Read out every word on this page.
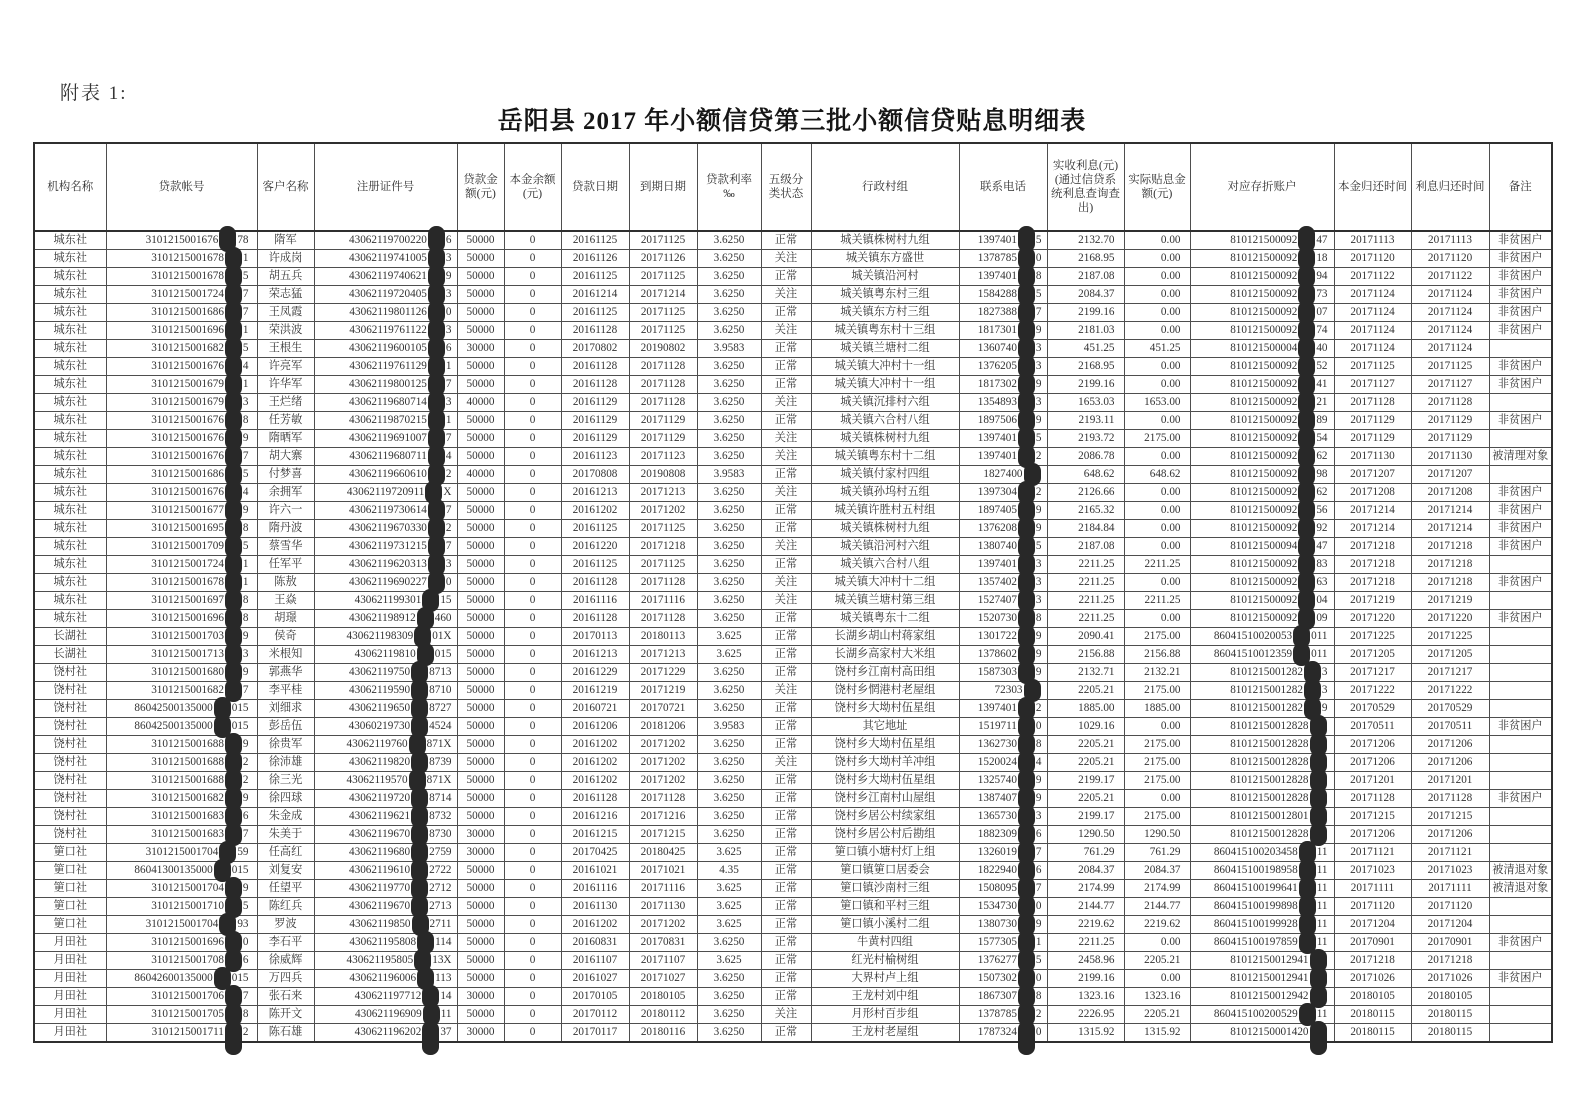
附表 1:
岳阳县 2017 年小额信贷第三批小额信贷贴息明细表
机构名称	贷款帐号	客户名称	注册证件号	贷款金额(元)	本金余额(元)	贷款日期	到期日期	贷款利率 ‰	五级分类状态	行政村组	联系电话	实收利息(元)(通过信贷系统利息查询查出)	实际贴息金额(元)	对应存折账户	本金归还时间	利息归还时间	备注
城东社	3101215001676 78	隋军	43062119700220 6	50000	0	20161125	20171125	3.6250	正常	城关镇株树村九组	1397401 5	2132.70	0.00	810121500092 47	20171113	20171113	非贫困户
城东社	3101215001678 1	许成岗	43062119741005 3	50000	0	20161126	20171126	3.6250	关注	城关镇东方盛世	1378785 0	2168.95	0.00	810121500092 18	20171120	20171120	非贫困户
城东社	3101215001678 5	胡五兵	43062119740621 9	50000	0	20161125	20171125	3.6250	正常	城关镇沿河村	1397401 8	2187.08	0.00	810121500092 94	20171122	20171122	非贫困户
城东社	3101215001724 7	荣志猛	43062119720405 3	50000	0	20161214	20171214	3.6250	关注	城关镇粤东村三组	1584288 5	2084.37	0.00	810121500092 73	20171124	20171124	非贫困户
城东社	3101215001686 7	王凤霞	43062119801126 0	50000	0	20161125	20171125	3.6250	正常	城关镇东方村三组	1827388 7	2199.16	0.00	810121500092 07	20171124	20171124	非贫困户
城东社	3101215001696 1	荣洪波	43062119761122 3	50000	0	20161128	20171125	3.6250	关注	城关镇粤东村十三组	1817301 9	2181.03	0.00	810121500092 74	20171124	20171124	非贫困户
城东社	3101215001682 5	王根生	43062119600105 6	30000	0	20170802	20190802	3.9583	正常	城关镇兰塘村二组	1360740 3	451.25	451.25	810121500004 40	20171124	20171124	
城东社	3101215001676 4	许亮军	43062119761129 1	50000	0	20161128	20171128	3.6250	正常	城关镇大冲村十一组	1376205 3	2168.95	0.00	810121500092 52	20171125	20171125	非贫困户
城东社	3101215001679 1	许华军	43062119800125 7	50000	0	20161128	20171128	3.6250	正常	城关镇大冲村十一组	1817302 9	2199.16	0.00	810121500092 41	20171127	20171127	非贫困户
城东社	3101215001679 3	王烂绪	43062119680714 3	40000	0	20161129	20171128	3.6250	关注	城关镇沉排村六组	1354893 3	1653.03	1653.00	810121500092 21	20171128	20171128	
城东社	3101215001676 8	任芳敏	43062119870215 1	50000	0	20161129	20171129	3.6250	正常	城关镇六合村八组	1897506 9	2193.11	0.00	810121500092 89	20171129	20171129	非贫困户
城东社	3101215001676 9	隋晒军	43062119691007 7	50000	0	20161129	20171129	3.6250	关注	城关镇株树村九组	1397401 5	2193.72	2175.00	810121500092 54	20171129	20171129	
城东社	3101215001676 7	胡大寨	43062119680711 4	50000	0	20161123	20171123	3.6250	关注	城关镇粤东村十二组	1397401 2	2086.78	0.00	810121500092 62	20171130	20171130	被清理对象
城东社	3101215001686 5	付梦喜	43062119660610 2	40000	0	20170808	20190808	3.9583	正常	城关镇付家村四组	1827400	648.62	648.62	810121500092 98	20171207	20171207	
城东社	3101215001676 4	余拥军	43062119720911 X	50000	0	20161213	20171213	3.6250	关注	城关镇孙坞村五组	1397304 2	2126.66	0.00	810121500092 62	20171208	20171208	非贫困户
城东社	3101215001677 9	许六一	43062119730614 7	50000	0	20161202	20171202	3.6250	正常	城关镇许胜村五村组	1897405 9	2165.32	0.00	810121500092 56	20171214	20171214	非贫困户
城东社	3101215001695 8	隋丹波	43062119670330 2	50000	0	20161125	20171125	3.6250	正常	城关镇株树村九组	1376208 9	2184.84	0.00	810121500092 92	20171214	20171214	非贫困户
城东社	3101215001709 5	蔡雪华	43062119731215 7	50000	0	20161220	20171218	3.6250	关注	城关镇沿河村六组	1380740 5	2187.08	0.00	810121500094 47	20171218	20171218	非贫困户
城东社	3101215001724 1	任军平	43062119620313 3	50000	0	20161125	20171125	3.6250	正常	城关镇六合村八组	1397401 3	2211.25	2211.25	810121500092 83	20171218	20171218	
城东社	3101215001678 1	陈敖	43062119690227 0	50000	0	20161128	20171128	3.6250	关注	城关镇大冲村十二组	1357402 3	2211.25	0.00	810121500092 63	20171218	20171218	非贫困户
城东社	3101215001697 8	王焱	430621199301 15	50000	0	20161116	20171116	3.6250	关注	城关镇兰塘村第三组	1527407 3	2211.25	2211.25	810121500092 04	20171219	20171219	
城东社	3101215001696 8	胡璟	430621198912 460	50000	0	20161128	20171128	3.6250	正常	城关镇粤东十二组	1520730 8	2211.25	0.00	810121500092 09	20171220	20171220	非贫困户
长湖社	3101215001703 9	侯奇	430621198309 01X	50000	0	20170113	20180113	3.625	正常	长湖乡胡山村蒋家组	1301722 9	2090.41	2175.00	86041510020053 011	20171225	20171225	
长湖社	3101215001713 3	米根知	43062119810 015	50000	0	20161213	20171213	3.625	正常	长湖乡高家村大米组	1378602 9	2156.88	2156.88	86041510012359 011	20171205	20171205	
饶村社	3101215001680 9	郭燕华	43062119750 8713	50000	0	20161229	20171229	3.6250	正常	饶村乡江南村高田组	1587303 9	2132.71	2132.21	8101215001282 3	20171217	20171217	
饶村社	3101215001682 7	李平桂	43062119590 8710	50000	0	20161219	20171219	3.6250	关注	饶村乡惘港村老屋组	72303	2205.21	2175.00	8101215001282 3	20171222	20171222	
饶村社	86042500135000 015	刘细求	43062119650 8727	50000	0	20160721	20170721	3.6250	正常	饶村乡大坳村伍星组	1397401 2	1885.00	1885.00	8101215001282 9	20170529	20170529	
饶村社	86042500135000 015	彭岳伍	43060219730 4524	50000	0	20161206	20181206	3.9583	正常	其它地址	1519711 0	1029.16	0.00	81012150012828	20170511	20170511	非贫困户
饶村社	3101215001688 9	徐贵军	43062119760 871X	50000	0	20161202	20171202	3.6250	正常	饶村乡大坳村伍星组	1362730 8	2205.21	2175.00	81012150012828	20171206	20171206	
饶村社	3101215001688 2	徐沛雄	43062119820 8739	50000	0	20161202	20171202	3.6250	关注	饶村乡大坳村羊冲组	1520024 4	2205.21	2175.00	81012150012828	20171206	20171206	
饶村社	3101215001688 2	徐三光	43062119570 871X	50000	0	20161202	20171202	3.6250	正常	饶村乡大坳村伍星组	1325740 9	2199.17	2175.00	81012150012828	20171201	20171201	
饶村社	3101215001682 9	徐四球	43062119720 8714	50000	0	20161128	20171128	3.6250	正常	饶村乡江南村山屋组	1387407 9	2205.21	0.00	81012150012828	20171128	20171128	非贫困户
饶村社	3101215001683 6	朱金成	43062119621 8732	50000	0	20161216	20171216	3.6250	正常	饶村乡居公村续家组	1365730 3	2199.17	2175.00	81012150012801	20171215	20171215	
饶村社	3101215001683 7	朱美于	43062119670 8730	30000	0	20161215	20171215	3.6250	正常	饶村乡居公村后勘组	1882309 6	1290.50	1290.50	81012150012828	20171206	20171206	
筻口社	3101215001704 59	任高红	43062119680 2759	30000	0	20170425	20180425	3.625	正常	筻口镇小塘村灯上组	1326019 7	761.29	761.29	860415100203458 11	20171121	20171121	
筻口社	86041300135000 015	刘复安	43062119610 2722	50000	0	20161021	20171021	4.35	正常	筻口镇筻口居委会	1822940 6	2084.37	2084.37	860415100198958 11	20171023	20171023	被清退对象
筻口社	3101215001704 9	任望平	43062119770 2712	50000	0	20161116	20171116	3.625	正常	筻口镇沙南村三组	1508095 7	2174.99	2174.99	860415100199641 11	20171111	20171111	被清退对象
筻口社	3101215001710 5	陈红兵	43062119670 2713	50000	0	20161130	20171130	3.625	正常	筻口镇和平村三组	1534730 0	2144.77	2144.77	860415100199898 11	20171120	20171120	
筻口社	3101215001704 93	罗波	43062119850 2711	50000	0	20161202	20171202	3.625	正常	筻口镇小溪村二组	1380730 9	2219.62	2219.62	860415100199928 11	20171204	20171204	
月田社	3101215001696 0	李石平	430621195808 114	50000	0	20160831	20170831	3.6250	正常	牛黄村四组	1577305 1	2211.25	0.00	860415100197859 11	20170901	20170901	非贫困户
月田社	3101215001708 6	徐威辉	430621195805 13X	50000	0	20161107	20171107	3.625	正常	红光村榆树组	1376277 5	2458.96	2205.21	81012150012941	20171218	20171218	
月田社	86042600135000 015	万四兵	430621196006 113	50000	0	20161027	20171027	3.6250	正常	大界村卢上组	1507302 0	2199.16	0.00	81012150012941	20171026	20171026	非贫困户
月田社	3101215001706 7	张石来	430621197712 14	30000	0	20170105	20180105	3.6250	正常	王龙村刘中组	1867307 8	1323.16	1323.16	81012150012942	20180105	20180105	
月田社	3101215001705 8	陈开文	430621196909 11	50000	0	20170112	20180112	3.6250	关注	月形村百步组	1378785 2	2226.95	2205.21	860415100200529 11	20180115	20180115	
月田社	3101215001711 2	陈石雄	430621196202 37	30000	0	20170117	20180116	3.6250	正常	王龙村老屋组	1787324 0	1315.92	1315.92	81012150001420	20180115	20180115	
